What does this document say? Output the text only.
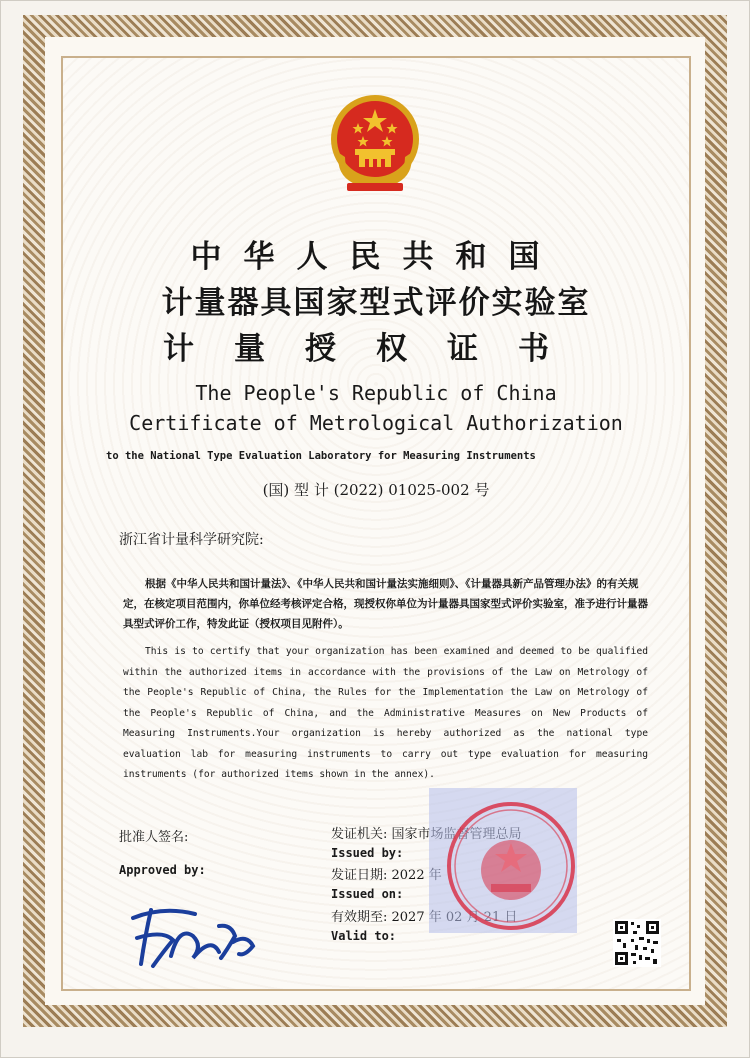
中华人民共和国
计量器具国家型式评价实验室
计量授权证书
The People's Republic of China
Certificate of Metrological Authorization
to the National Type Evaluation Laboratory for Measuring Instruments
(国) 型 计 (2022) 01025-002 号
浙江省计量科学研究院:
根据《中华人民共和国计量法》、《中华人民共和国计量法实施细则》、《计量器具新产品管理办法》的有关规定，在核定项目范围内，你单位经考核评定合格，现授权你单位为计量器具国家型式评价实验室，准予进行计量器具型式评价工作，特发此证（授权项目见附件）。
This is to certify that your organization has been examined and deemed to be qualified within the authorized items in accordance with the provisions of the Law on Metrology of the People's Republic of China, the Rules for the Implementation the Law on Metrology of the People's Republic of China, and the Administrative Measures on New Products of Measuring Instruments.Your organization is hereby authorized as the national type evaluation lab for measuring instruments to carry out type evaluation for measuring instruments (for authorized items shown in the annex).
批准人签名:
Approved by:
发证机关: 国家市场监督管理总局
Issued by:
发证日期: 2022 年
Issued on:
有效期至: 2027 年 02 月 21 日
Valid to:
